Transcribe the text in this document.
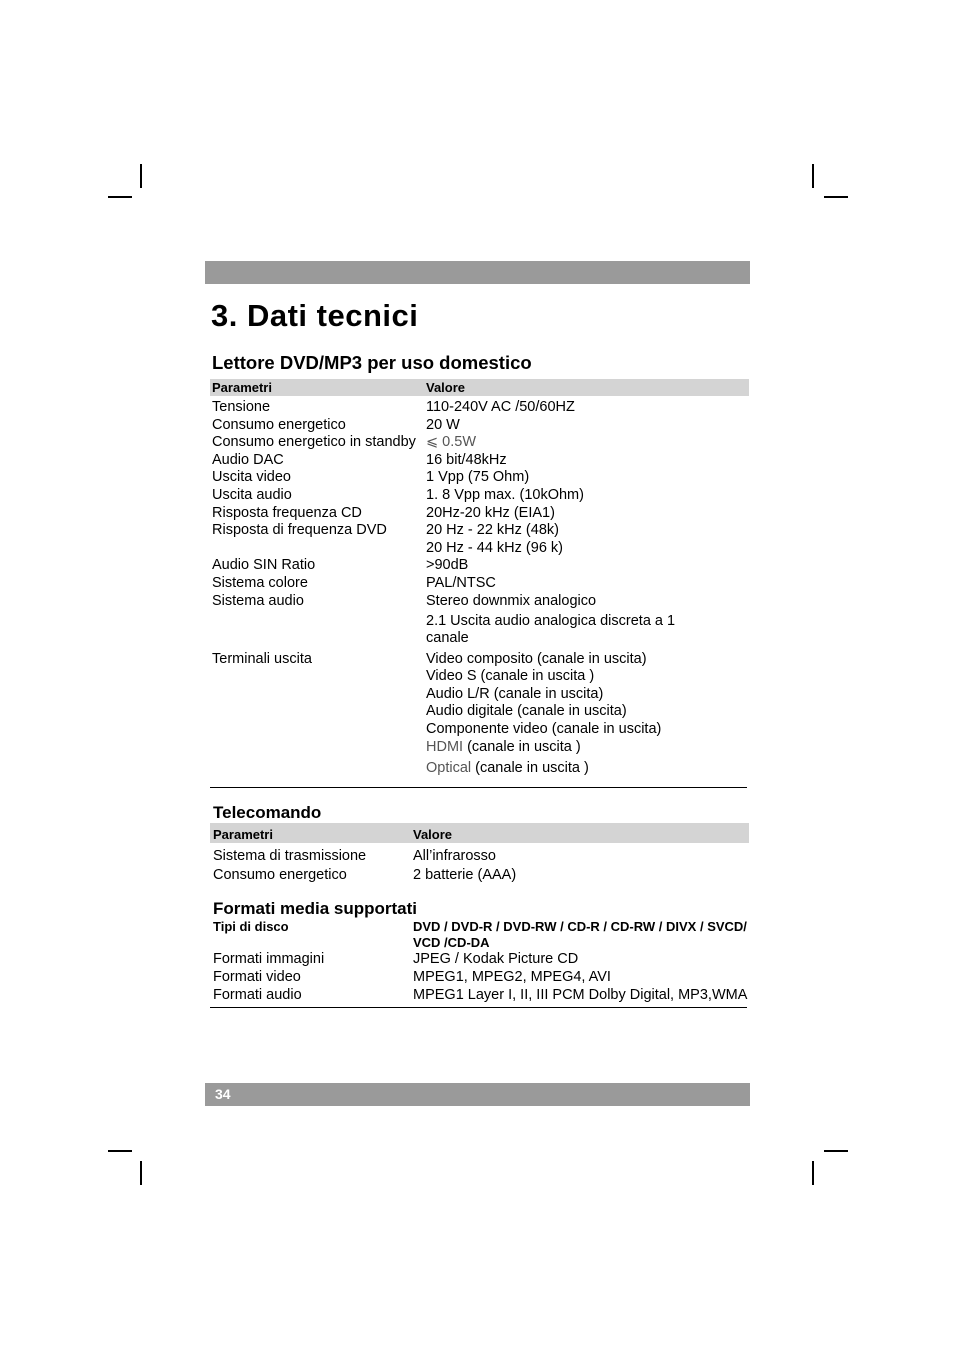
3. Dati tecnici
Lettore DVD/MP3 per uso domestico
Parametri	Valore
Tensione	110-240V AC /50/60HZ
Consumo energetico	20 W
Consumo energetico in standby ⩽ 0.5W
Audio DAC	16 bit/48kHz
Uscita video	1 Vpp (75 Ohm)
Uscita audio	1. 8 Vpp max. (10kOhm)
Risposta frequenza CD	20Hz-20 kHz (EIA1)
Risposta di frequenza DVD	20 Hz - 22 kHz (48k)
20 Hz - 44 kHz (96 k)
Audio SIN Ratio	>90dB
Sistema colore	PAL/NTSC
Sistema audio	Stereo downmix analogico
2.1 Uscita audio analogica discreta a 1
canale
Terminali uscita	Video composito (canale in uscita)
Video S (canale in uscita )
Audio L/R (canale in uscita)
Audio digitale (canale in uscita)
Componente video (canale in uscita)
HDMI (canale in uscita )
Optical (canale in uscita )
Telecomando
Parametri	Valore
Sistema di trasmissione	All’infrarosso
Consumo energetico	2 batterie (AAA)
Formati media supportati
Tipi di disco	DVD / DVD-R / DVD-RW / CD-R / CD-RW / DIVX / SVCD/
VCD /CD-DA
Formati immagini	JPEG / Kodak Picture CD
Formati video	MPEG1, MPEG2, MPEG4, AVI
Formati audio	MPEG1 Layer I, II, III PCM Dolby Digital, MP3,WMA
34
